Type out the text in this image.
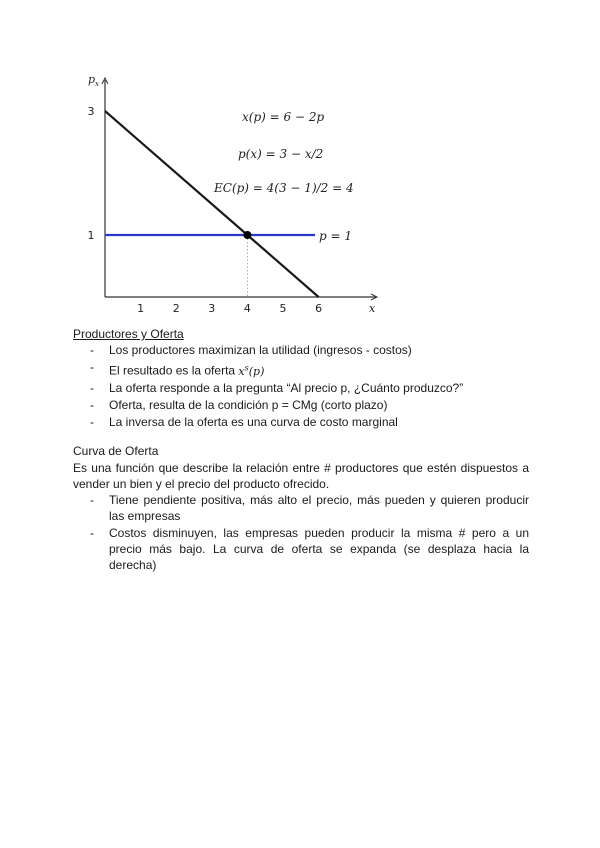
$p_x$
x
1	2	3	4	5	6
3
1	p = 1
x(p) = 6 − 2p
p(x) = 3 − x/2
EC(p) = 4(3 − 1)/2 = 4
Productores y Oferta
- Los productores maximizan la utilidad (ingresos - costos)
- El resultado es la oferta $x^s(p)$
- La oferta responde a la pregunta “Al precio p, ¿Cuánto produzco?”
- Oferta, resulta de la condición p = CMg (corto plazo)
- La inversa de la oferta es una curva de costo marginal
Curva de Oferta

Es una función que describe la relación entre # productores que estén dispuestos a vender un bien y el precio del producto ofrecido.

- Tiene pendiente positiva, más alto el precio, más pueden y quieren producir las empresas
- Costos disminuyen, las empresas pueden producir la misma # pero a un precio más bajo. La curva de oferta se expanda (se desplaza hacia la derecha)
